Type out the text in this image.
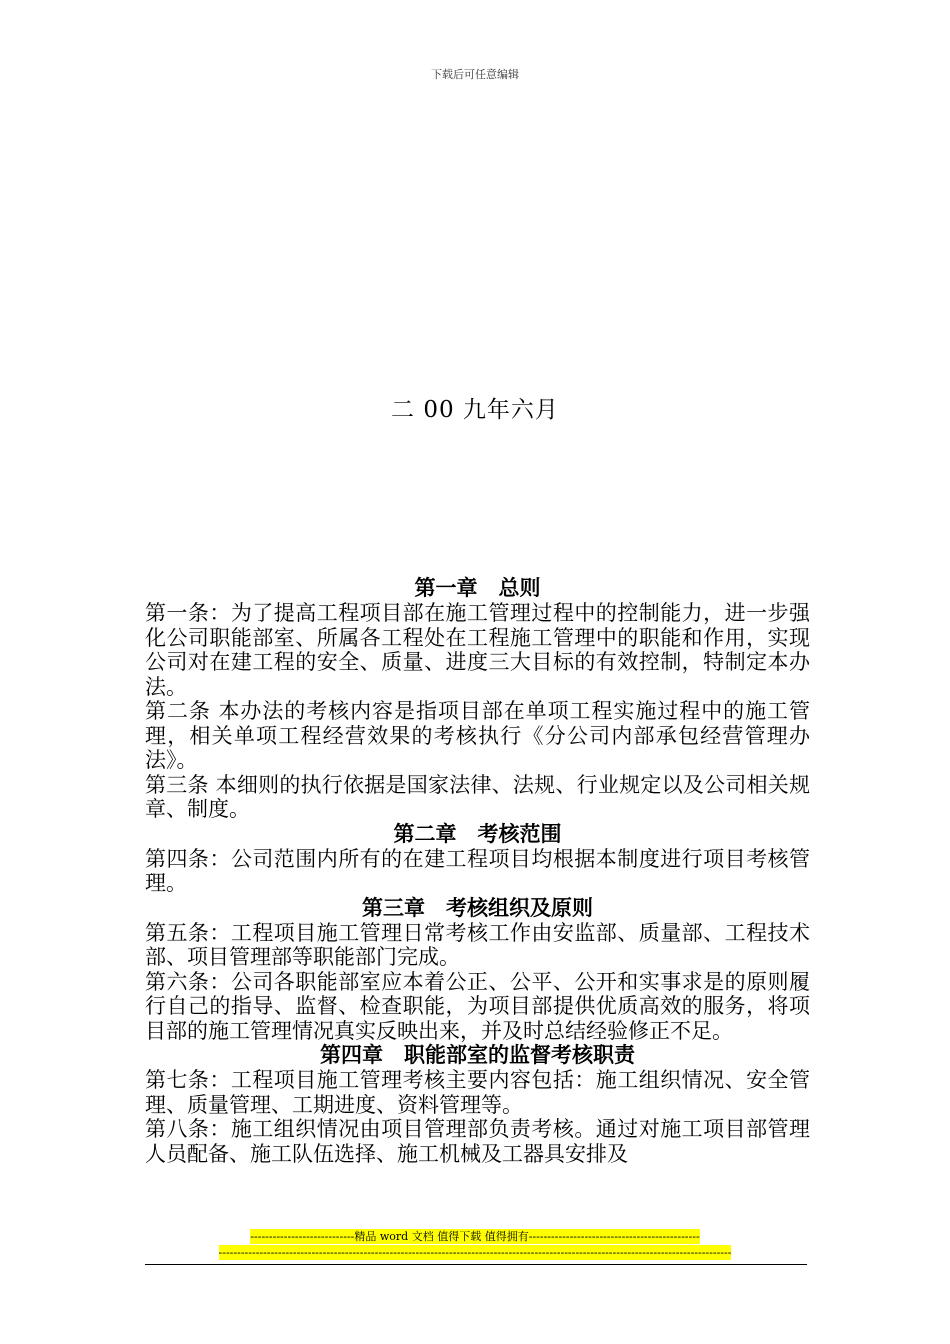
下载后可任意编辑
二 00 九年六月
第一章　总则
第一条：为了提高工程项目部在施工管理过程中的控制能力，进一步强化公司职能部室、所属各工程处在工程施工管理中的职能和作用，实现公司对在建工程的安全、质量、进度三大目标的有效控制，特制定本办法。
第二条 本办法的考核内容是指项目部在单项工程实施过程中的施工管理，相关单项工程经营效果的考核执行《分公司内部承包经营管理办法》。
第三条 本细则的执行依据是国家法律、法规、行业规定以及公司相关规章、制度。
第二章　考核范围
第四条：公司范围内所有的在建工程项目均根据本制度进行项目考核管理。
第三章　考核组织及原则
第五条：工程项目施工管理日常考核工作由安监部、质量部、工程技术部、项目管理部等职能部门完成。
第六条：公司各职能部室应本着公正、公平、公开和实事求是的原则履行自己的指导、监督、检查职能，为项目部提供优质高效的服务，将项目部的施工管理情况真实反映出来，并及时总结经验修正不足。
第四章　职能部室的监督考核职责
第七条：工程项目施工管理考核主要内容包括：施工组织情况、安全管理、质量管理、工期进度、资料管理等。
第八条：施工组织情况由项目管理部负责考核。通过对施工项目部管理人员配备、施工队伍选择、施工机械及工器具安排及
----------------------------精品 word 文档 值得下载 值得拥有----------------------------------------------
------------------------------------------------------------------------------------------------------------------------------------------
